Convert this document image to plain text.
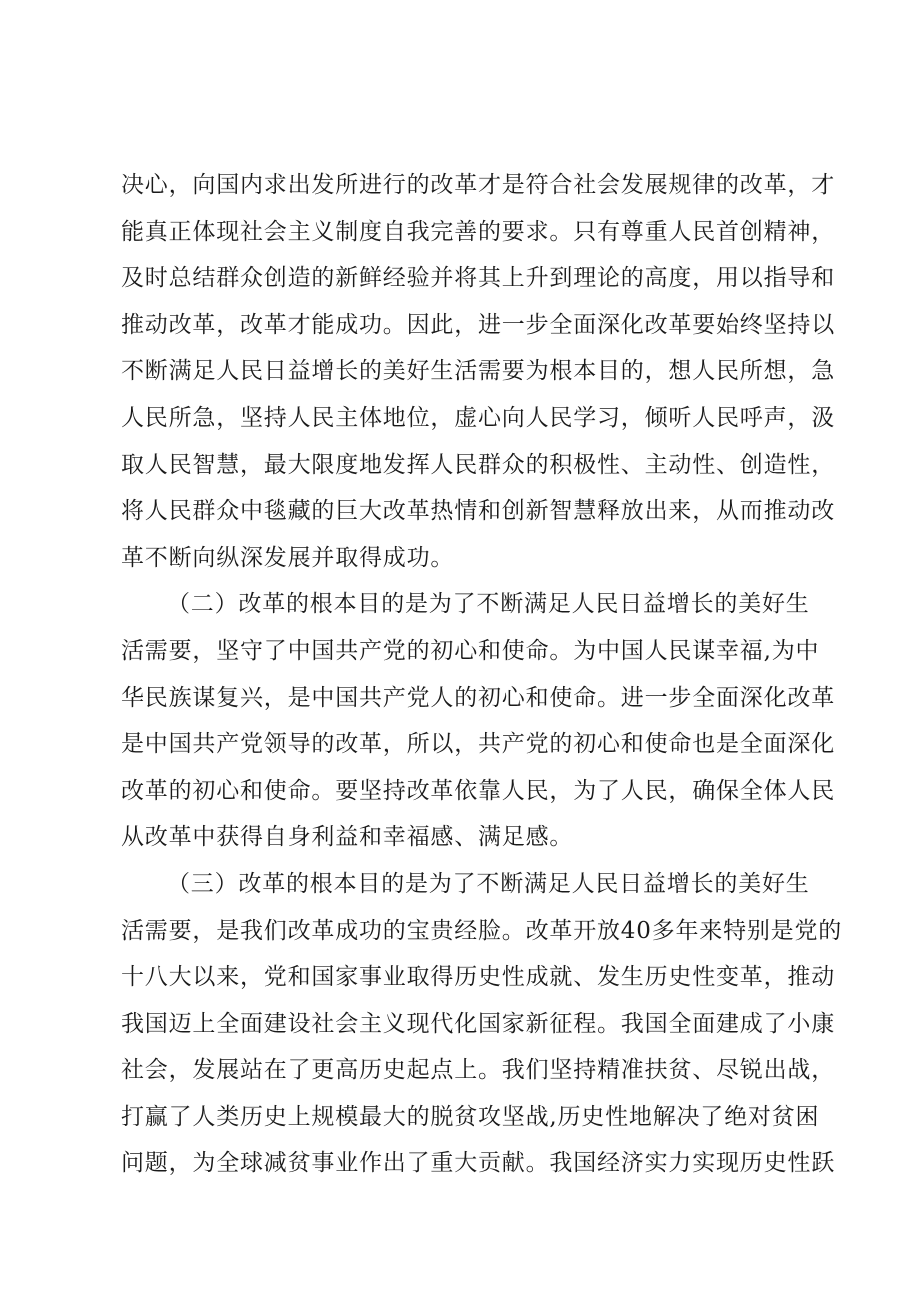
决心，向国内求出发所进行的改革才是符合社会发展规律的改革，才
能真正体现社会主义制度自我完善的要求。只有尊重人民首创精神，
及时总结群众创造的新鲜经验并将其上升到理论的高度，用以指导和
推动改革，改革才能成功。因此，进一步全面深化改革要始终坚持以
不断满足人民日益增长的美好生活需要为根本目的，想人民所想，急
人民所急，坚持人民主体地位，虚心向人民学习，倾听人民呼声，汲
取人民智慧，最大限度地发挥人民群众的积极性、主动性、创造性，
将人民群众中毯藏的巨大改革热情和创新智慧释放出来，从而推动改
革不断向纵深发展并取得成功。
（二）改革的根本目的是为了不断满足人民日益增长的美好生
活需要，坚守了中国共产党的初心和使命。为中国人民谋幸福,为中
华民族谋复兴，是中国共产党人的初心和使命。进一步全面深化改革
是中国共产党领导的改革，所以，共产党的初心和使命也是全面深化
改革的初心和使命。要坚持改革依靠人民，为了人民，确保全体人民
从改革中获得自身利益和幸福感、满足感。
（三）改革的根本目的是为了不断满足人民日益增长的美好生
活需要，是我们改革成功的宝贵经脸。改革开放40多年来特别是党的
十八大以来，党和国家事业取得历史性成就、发生历史性变革，推动
我国迈上全面建设社会主义现代化国家新征程。我国全面建成了小康
社会，发展站在了更高历史起点上。我们坚持精准扶贫、尽锐出战，
打赢了人类历史上规模最大的脱贫攻坚战,历史性地解决了绝对贫困
问题，为全球减贫事业作出了重大贡献。我国经济实力实现历史性跃
